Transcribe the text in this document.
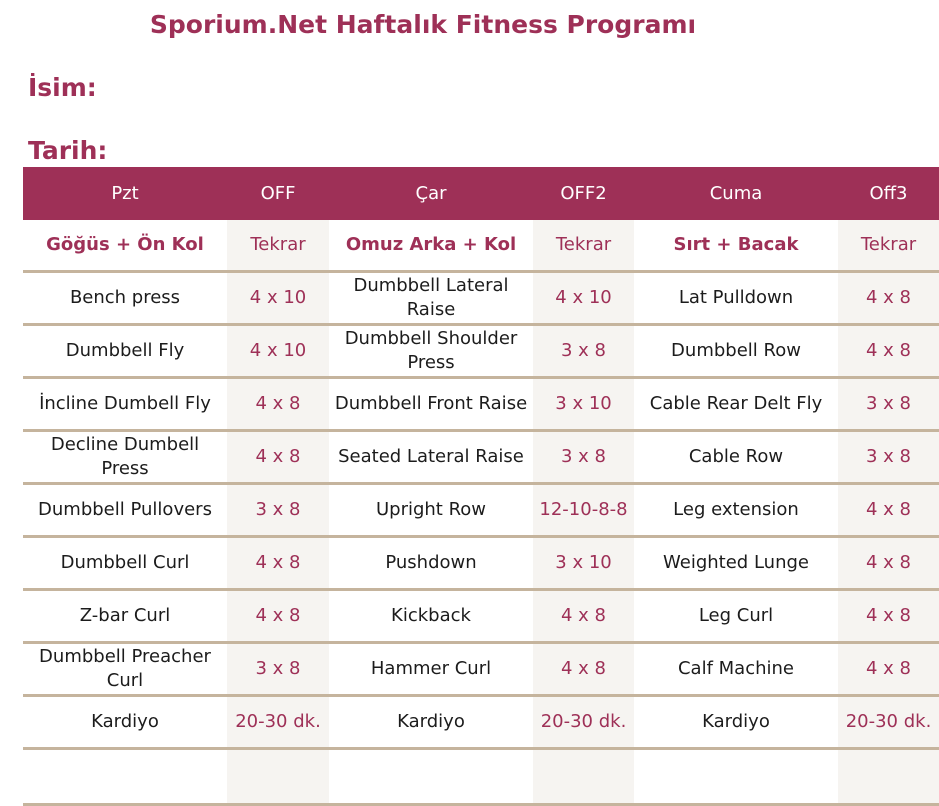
Sporium.Net Haftalık Fitness Programı
İsim:
Tarih:
Pzt	OFF	Çar	OFF2	Cuma	Off3
Göğüs + Ön Kol	Tekrar	Omuz Arka + Kol	Tekrar	Sırt + Bacak	Tekrar
Bench press	4 x 10	Dumbbell Lateral Raise	4 x 10	Lat Pulldown	4 x 8
Dumbbell Fly	4 x 10	Dumbbell Shoulder Press	3 x 8	Dumbbell Row	4 x 8
İncline Dumbell Fly	4 x 8	Dumbbell Front Raise	3 x 10	Cable Rear Delt Fly	3 x 8
Decline Dumbell Press	4 x 8	Seated Lateral Raise	3 x 8	Cable Row	3 x 8
Dumbbell Pullovers	3 x 8	Upright Row	12-10-8-8	Leg extension	4 x 8
Dumbbell Curl	4 x 8	Pushdown	3 x 10	Weighted Lunge	4 x 8
Z-bar Curl	4 x 8	Kickback	4 x 8	Leg Curl	4 x 8
Dumbbell Preacher Curl	3 x 8	Hammer Curl	4 x 8	Calf Machine	4 x 8
Kardiyo	20-30 dk.	Kardiyo	20-30 dk.	Kardiyo	20-30 dk.
